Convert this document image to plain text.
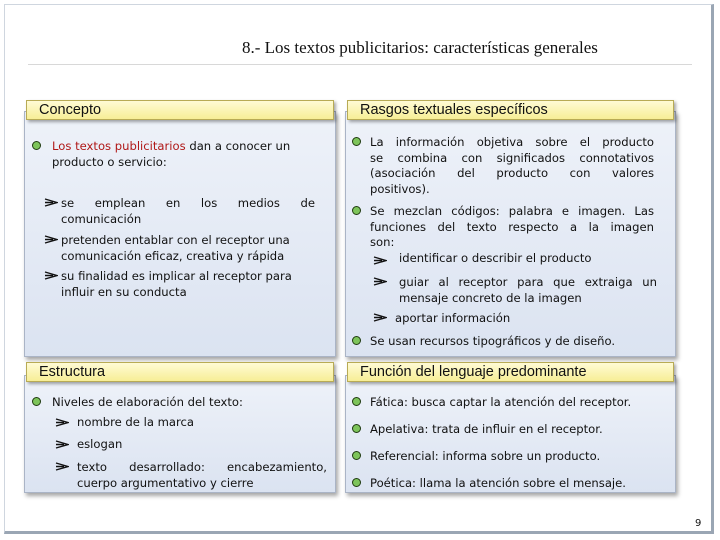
8.- Los textos publicitarios: características generales
Concepto
Los textos publicitarios dan a conocer un
producto o servicio:
se emplean en los medios de
comunicación
pretenden entablar con el receptor una
comunicación eficaz, creativa y rápida
su finalidad es implicar al receptor para
influir en su conducta
Rasgos textuales específicos
La información objetiva sobre el producto
se combina con significados connotativos
(asociación del producto con valores
positivos).
Se mezclan códigos: palabra e imagen. Las
funciones del texto respecto a la imagen
son:
identificar o describir el producto
guiar al receptor para que extraiga un
mensaje concreto de la imagen
aportar información
Se usan recursos tipográficos y de diseño.
Estructura
Niveles de elaboración del texto:
nombre de la marca
eslogan
texto desarrollado: encabezamiento,
cuerpo argumentativo y cierre
Función del lenguaje predominante
Fática: busca captar la atención del receptor.
Apelativa: trata de influir en el receptor.
Referencial: informa sobre un producto.
Poética: llama la atención sobre el mensaje.
9
